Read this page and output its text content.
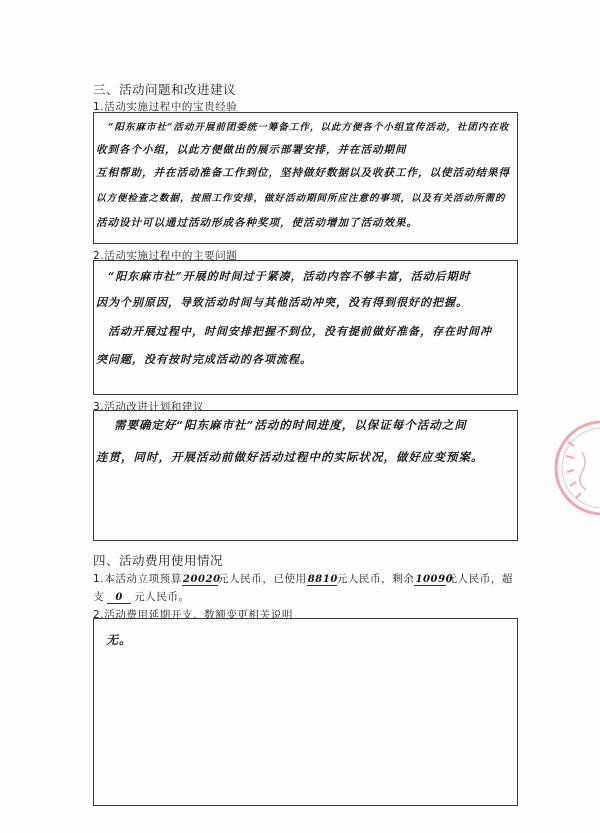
三、活动问题和改进建议
1.活动实施过程中的宝贵经验
“阳东麻市社”活动开展前团委统一筹备工作，以此方便各个小组宣传活动，社团内在收
收到各个小组，以此方便做出的展示部署安排，并在活动期间
互相帮助，并在活动准备工作到位，坚持做好数据以及收获工作，以使活动结果得
以方便检查之数据，按照工作安排，做好活动期间所应注意的事项，以及有关活动所需的
活动设计可以通过活动形成各种奖项，使活动增加了活动效果。
2.活动实施过程中的主要问题
“阳东麻市社”开展的时间过于紧凑，活动内容不够丰富，活动后期时
因为个别原因，导致活动时间与其他活动冲突，没有得到很好的把握。
活动开展过程中，时间安排把握不到位，没有提前做好准备，存在时间冲
突问题，没有按时完成活动的各项流程。
3.活动改进计划和建议
需要确定好“阳东麻市社”活动的时间进度，以保证每个活动之间
连贯，同时，开展活动前做好活动过程中的实际状况，做好应变预案。
四、活动费用使用情况
1.本活动立项预算20020元人民币，已使用8810元人民币，剩余10090元人民币，超
支 0 元人民币。
2.活动费用延期开支、数额变更相关说明
无。
